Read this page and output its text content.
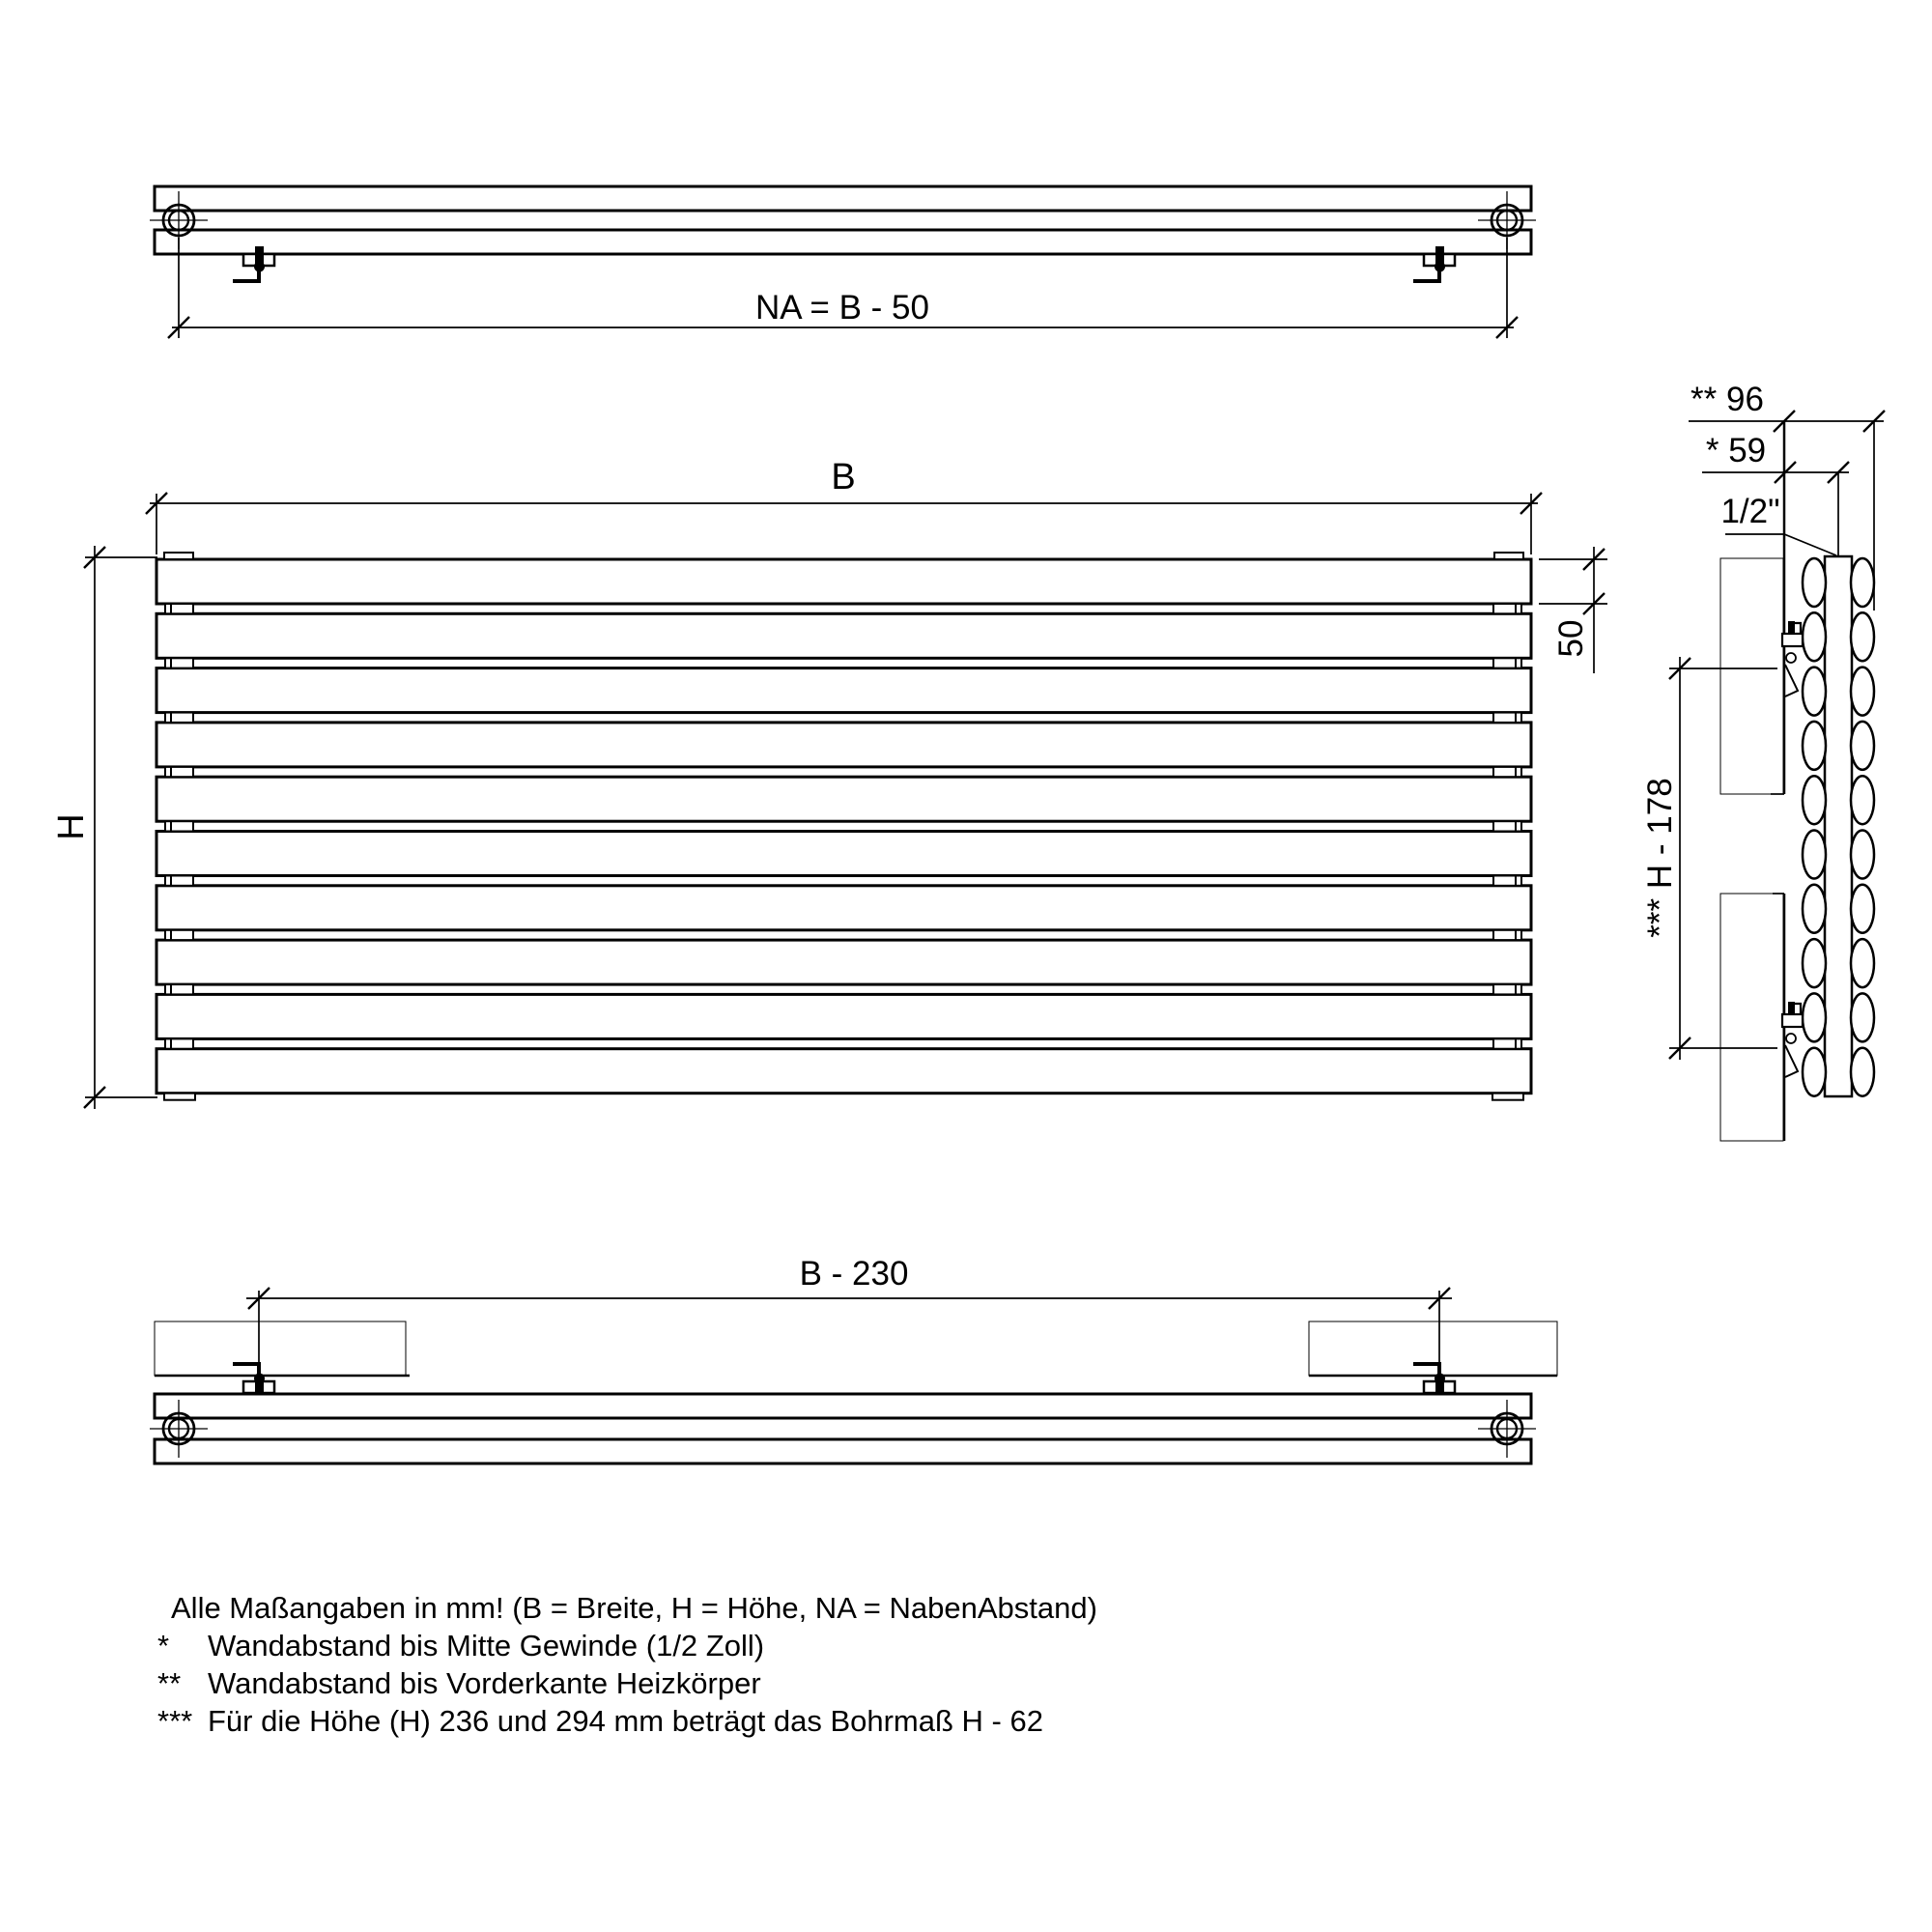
NA = B - 50
B
H
50
** 96
* 59
1/2"
*** H - 178
B - 230
Alle Maßangaben in mm! (B = Breite, H = Höhe, NA = NabenAbstand)
* Wandabstand bis Mitte Gewinde (1/2 Zoll)
** Wandabstand bis Vorderkante Heizkörper
*** Für die Höhe (H) 236 und 294 mm beträgt das Bohrmaß H - 62
